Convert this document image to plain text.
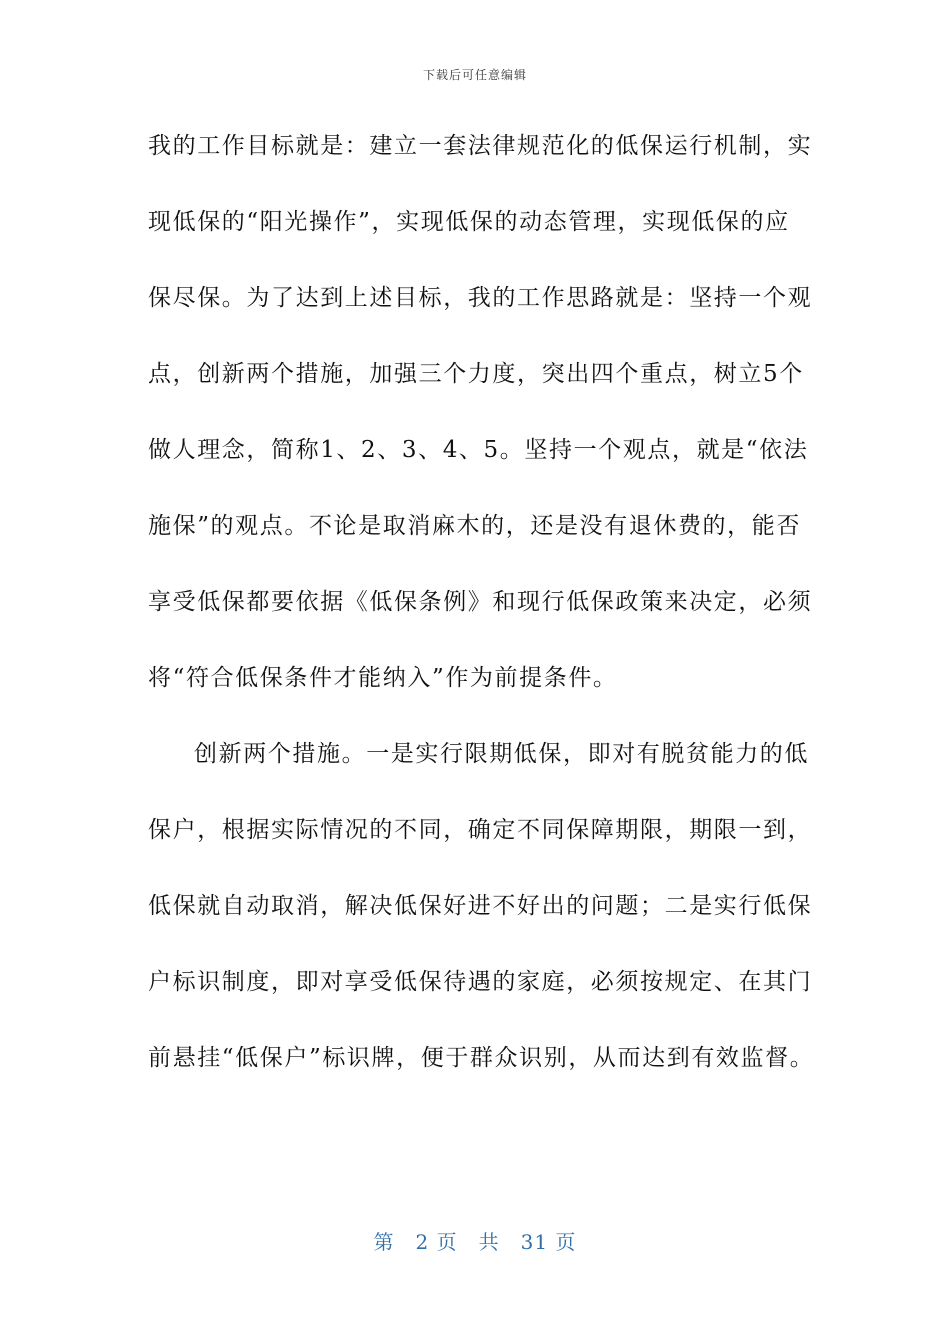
下载后可任意编辑
我的工作目标就是：建立一套法律规范化的低保运行机制，实
现低保的“阳光操作”，实现低保的动态管理，实现低保的应
保尽保。为了达到上述目标，我的工作思路就是：坚持一个观
点，创新两个措施，加强三个力度，突出四个重点，树立5个
做人理念，简称1、2、3、4、5。坚持一个观点，就是“依法
施保”的观点。不论是取消麻木的，还是没有退休费的，能否
享受低保都要依据《低保条例》和现行低保政策来决定，必须
将“符合低保条件才能纳入”作为前提条件。
创新两个措施。一是实行限期低保，即对有脱贫能力的低
保户，根据实际情况的不同，确定不同保障期限，期限一到，
低保就自动取消，解决低保好进不好出的问题；二是实行低保
户标识制度，即对享受低保待遇的家庭，必须按规定、在其门
前悬挂“低保户”标识牌，便于群众识别，从而达到有效监督。
第　2 页　共　31 页
